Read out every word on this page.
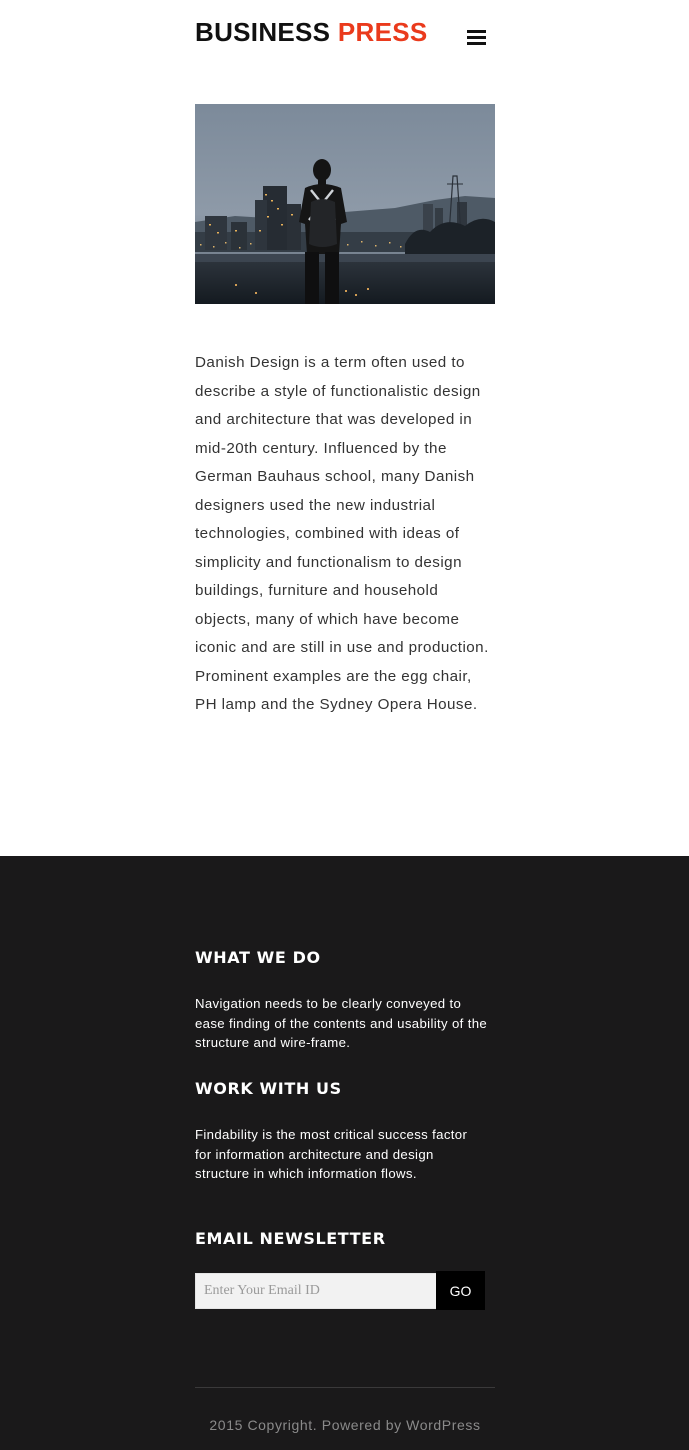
BUSINESS PRESS

Danish Design is a term often used to describe a style of functionalistic design and architecture that was developed in mid-20th century. Influenced by the German Bauhaus school, many Danish designers used the new industrial technologies, combined with ideas of simplicity and functionalism to design buildings, furniture and household objects, many of which have become iconic and are still in use and production. Prominent examples are the egg chair, PH lamp and the Sydney Opera House.

WHAT WE DO

Navigation needs to be clearly conveyed to ease finding of the contents and usability of the structure and wire-frame.

WORK WITH US

Findability is the most critical success factor for information architecture and design structure in which information flows.

EMAIL NEWSLETTER
Enter Your Email ID
GO
2015 Copyright. Powered by WordPress
